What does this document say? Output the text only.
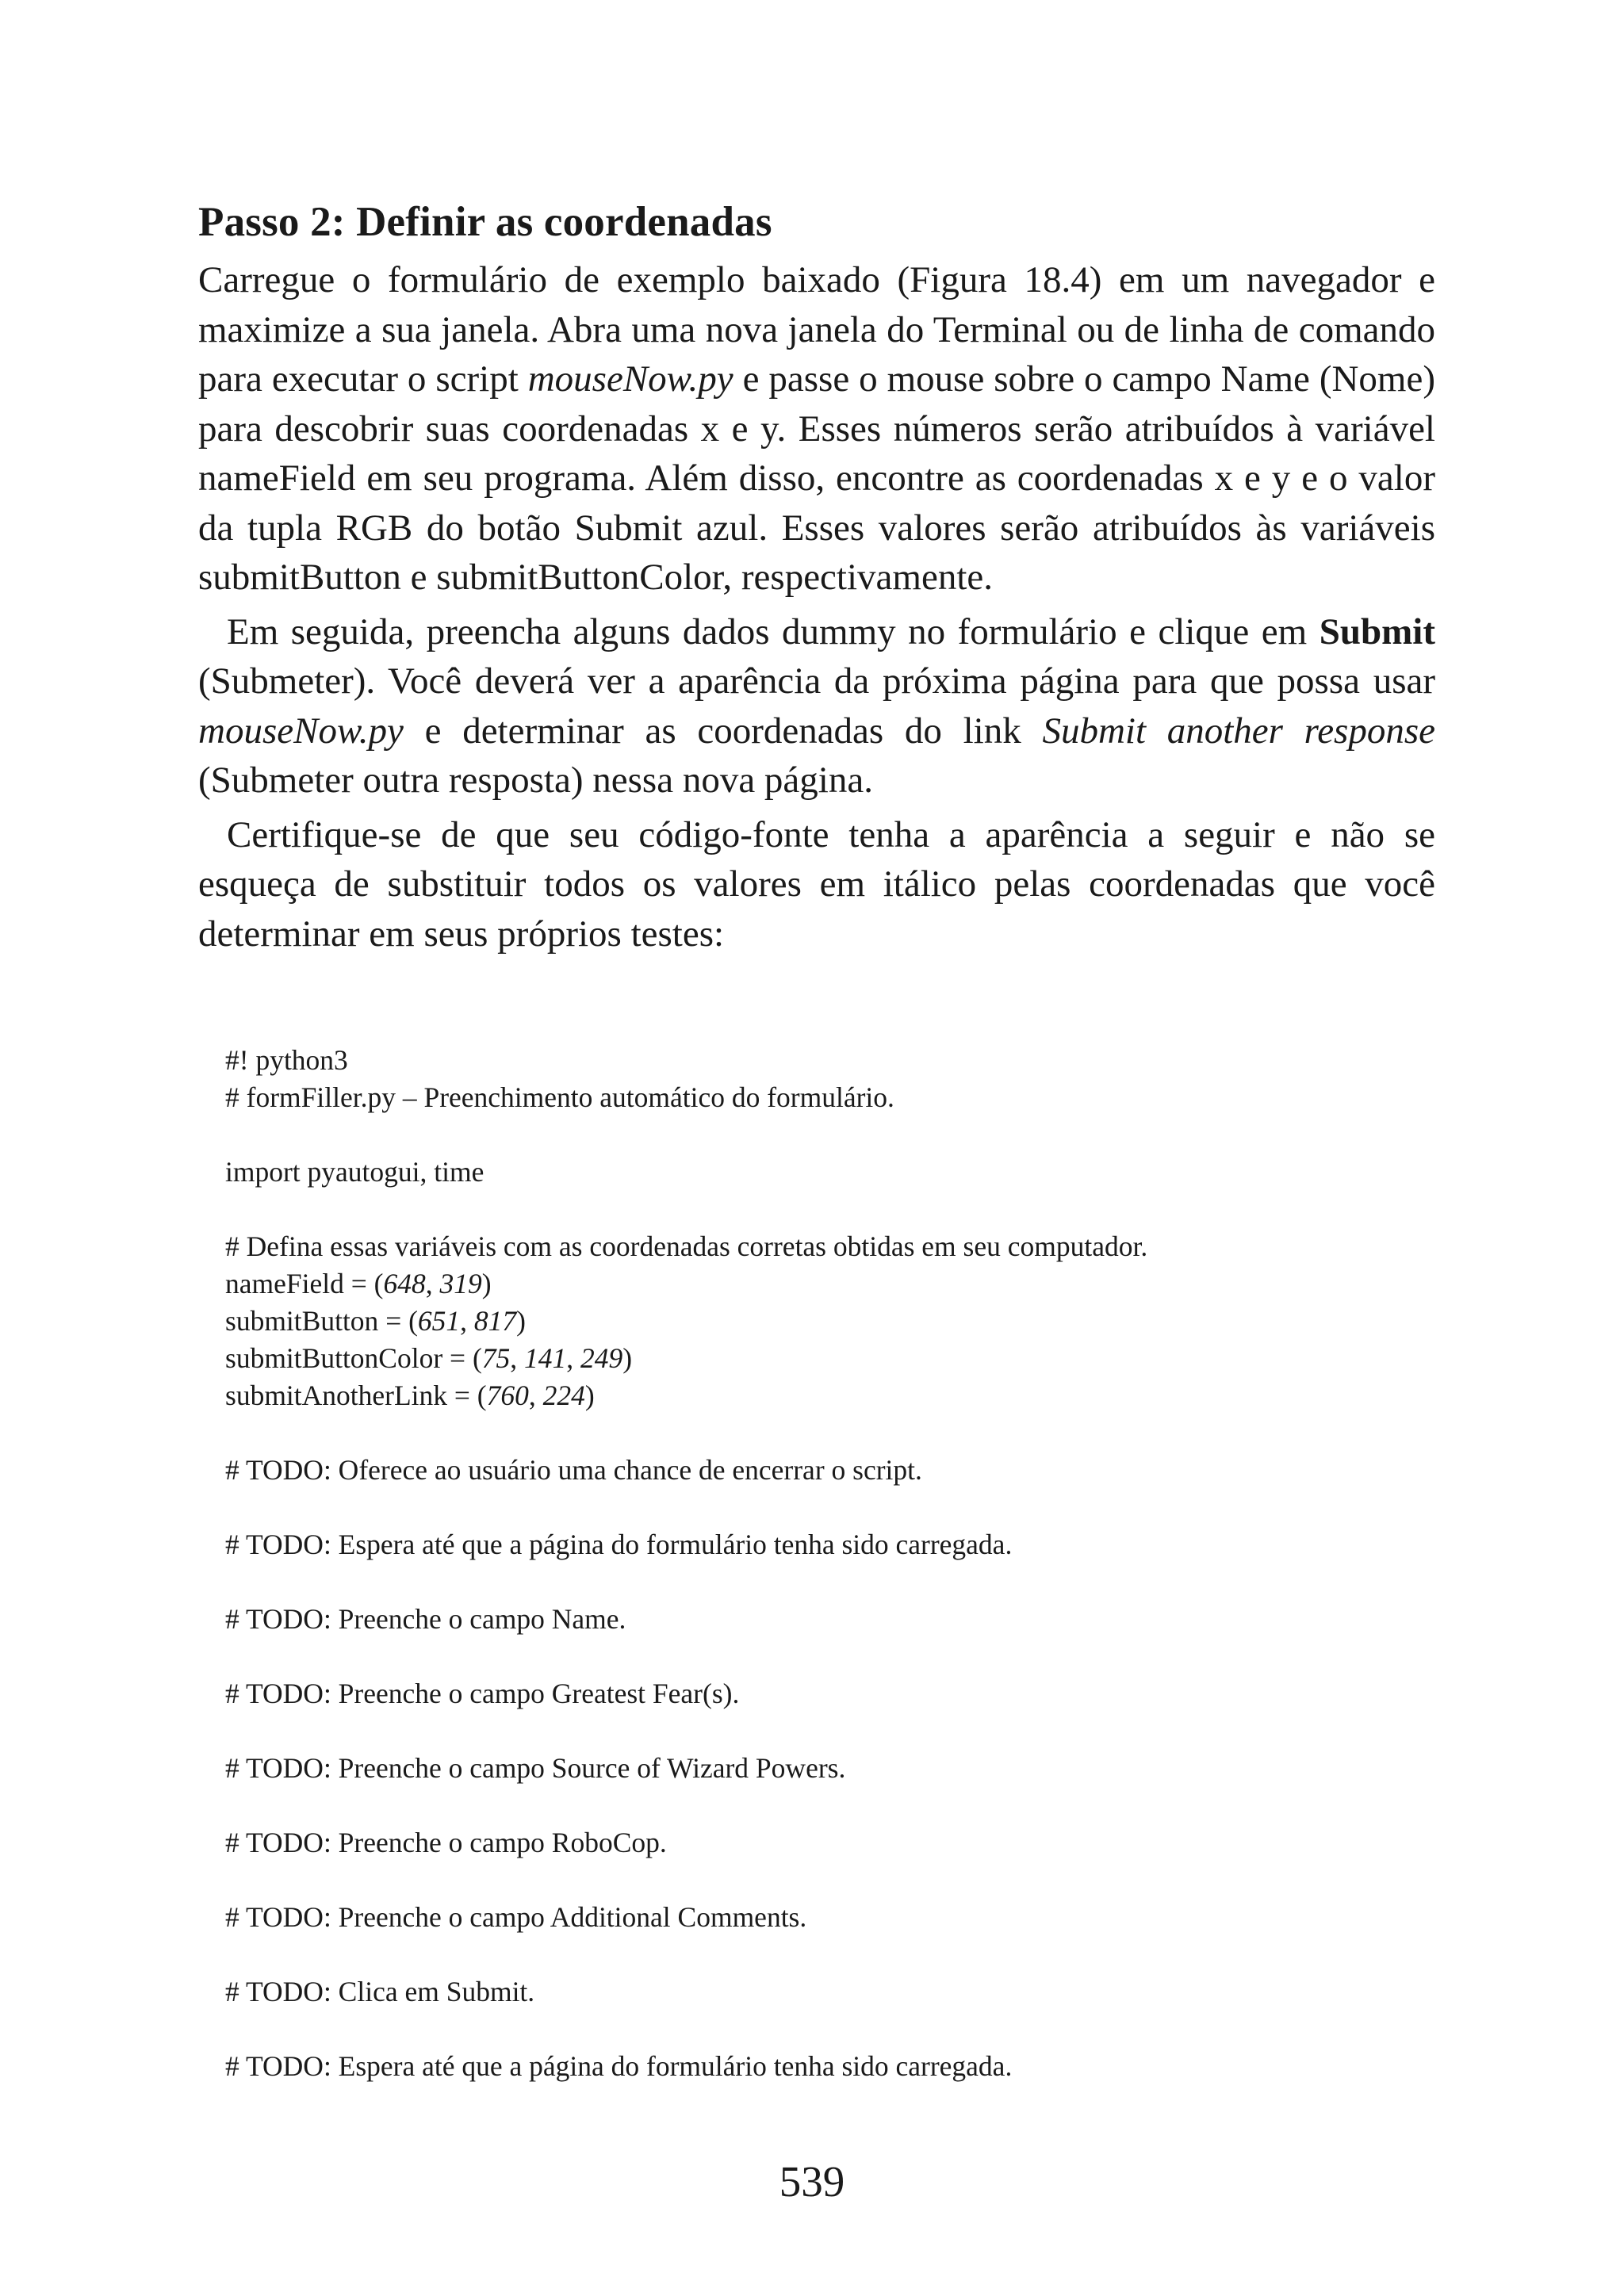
Passo 2: Definir as coordenadas

Carregue o formulário de exemplo baixado (Figura 18.4) em um navegador e maximize a sua janela. Abra uma nova janela do Terminal ou de linha de comando para executar o script mouseNow.py e passe o mouse sobre o campo Name (Nome) para descobrir suas coordenadas x e y. Esses números serão atribuídos à variável nameField em seu programa. Além disso, encontre as coordenadas x e y e o valor da tupla RGB do botão Submit azul. Esses valores serão atribuídos às variáveis submitButton e submitButtonColor, respectivamente.

Em seguida, preencha alguns dados dummy no formulário e clique em Submit (Submeter). Você deverá ver a aparência da próxima página para que possa usar mouseNow.py e determinar as coordenadas do link Submit another response (Submeter outra resposta) nessa nova página.

Certifique-se de que seu código-fonte tenha a aparência a seguir e não se esqueça de substituir todos os valores em itálico pelas coordenadas que você determinar em seus próprios testes:

#! python3
# formFiller.py – Preenchimento automático do formulário.
import pyautogui, time
# Defina essas variáveis com as coordenadas corretas obtidas em seu computador.
nameField = (648, 319)
submitButton = (651, 817)
submitButtonColor = (75, 141, 249)
submitAnotherLink = (760, 224)
# TODO: Oferece ao usuário uma chance de encerrar o script.
# TODO: Espera até que a página do formulário tenha sido carregada.
# TODO: Preenche o campo Name.
# TODO: Preenche o campo Greatest Fear(s).
# TODO: Preenche o campo Source of Wizard Powers.
# TODO: Preenche o campo RoboCop.
# TODO: Preenche o campo Additional Comments.
# TODO: Clica em Submit.
# TODO: Espera até que a página do formulário tenha sido carregada.
539
